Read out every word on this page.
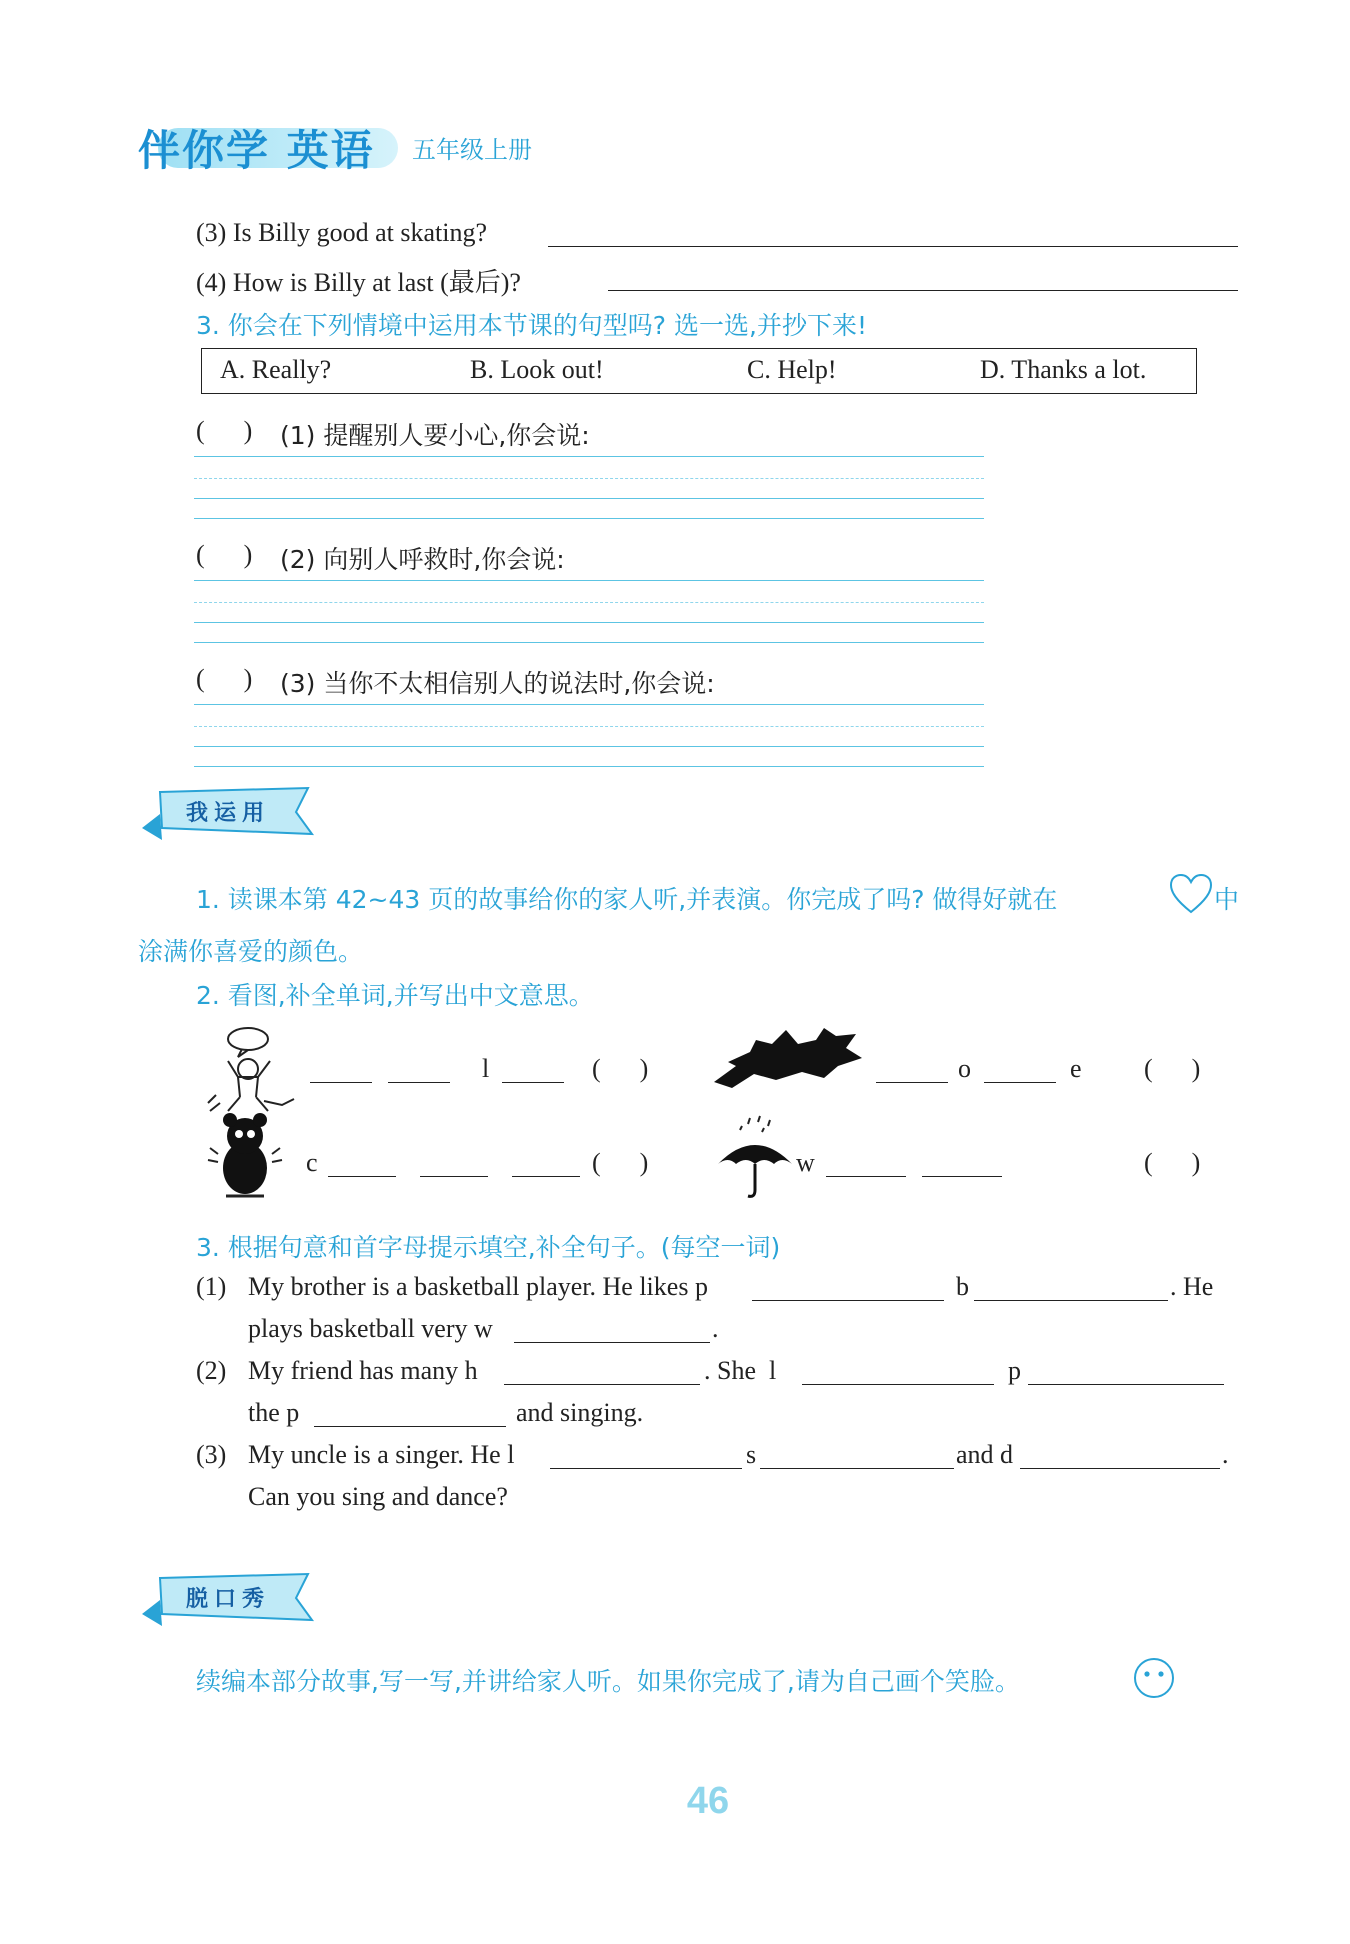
伴你学 英语 五年级上册
(3) Is Billy good at skating?
(4) How is Billy at last (最后)?
3. 你会在下列情境中运用本节课的句型吗? 选一选,并抄下来!
A. Really?	B. Look out!	C. Help!	D. Thanks a lot.
(      ) (1) 提醒别人要小心,你会说:
(      ) (2) 向别人呼救时,你会说:
(      ) (3) 当你不太相信别人的说法时,你会说:
我运用
1. 读课本第 42~43 页的故事给你的家人听,并表演。你完成了吗? 做得好就在	中
涂满你喜爱的颜色。
2. 看图,补全单词,并写出中文意思。
l	(      )	o	e (      )
c	(      )	w	(      )
3. 根据句意和首字母提示填空,补全句子。(每空一词)
(1) My brother is a basketball player. He likes p	b	. He
plays basketball very w	.
(2) My friend has many h	. She  l	p
the p	and singing.
(3) My uncle is a singer. He l	s	and d	.
Can you sing and dance?
脱口秀
续编本部分故事,写一写,并讲给家人听。如果你完成了,请为自己画个笑脸。
46
